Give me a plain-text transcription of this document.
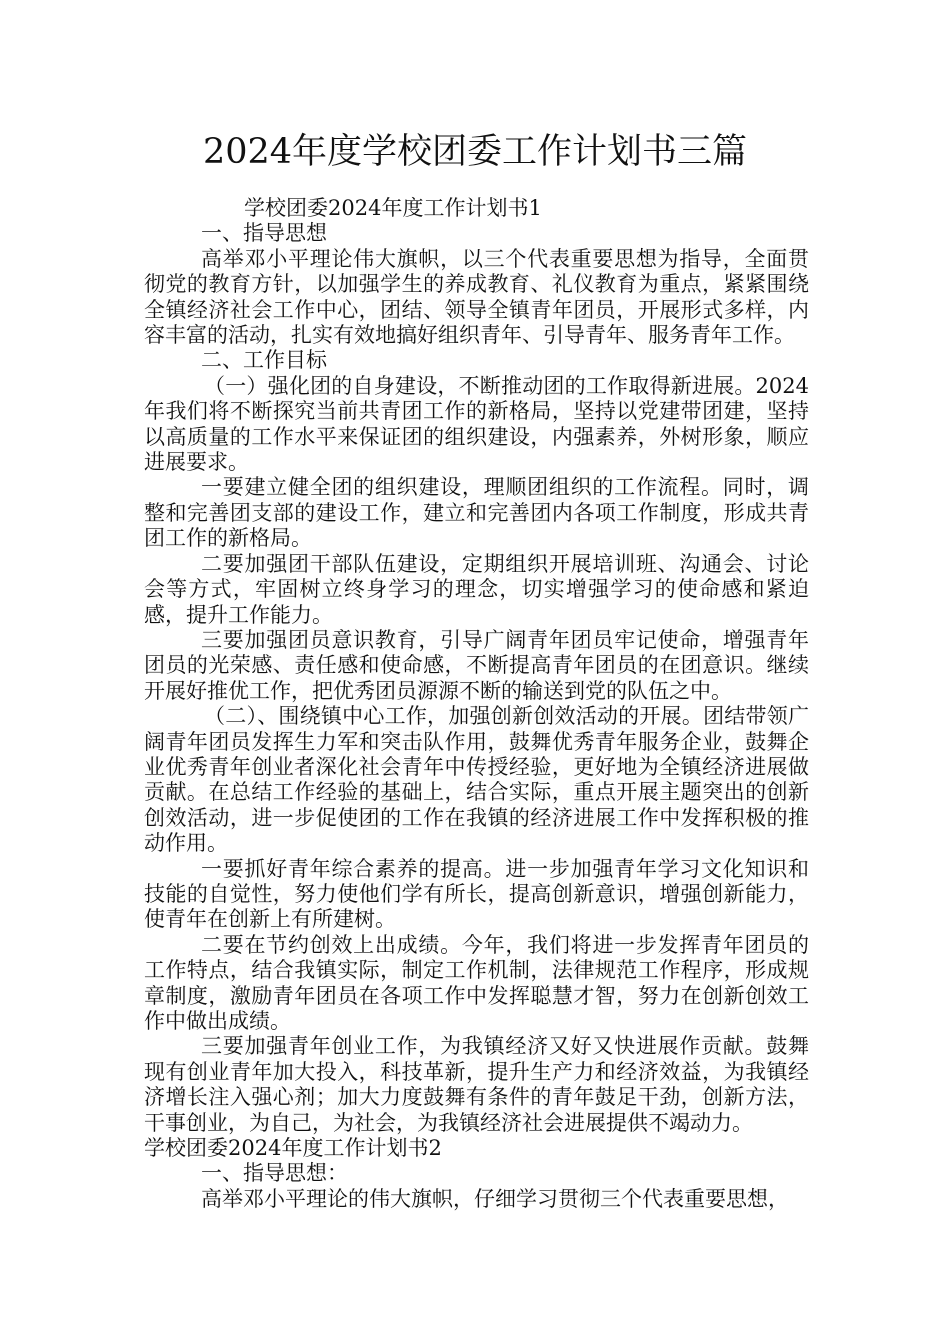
2024年度学校团委工作计划书三篇

学校团委2024年度工作计划书1

一、指导思想

高举邓小平理论伟大旗帜，以三个代表重要思想为指导，全面贯彻党的教育方针，以加强学生的养成教育、礼仪教育为重点，紧紧围绕全镇经济社会工作中心，团结、领导全镇青年团员，开展形式多样，内容丰富的活动，扎实有效地搞好组织青年、引导青年、服务青年工作。

二、工作目标

（一）强化团的自身建设，不断推动团的工作取得新进展。2024年我们将不断探究当前共青团工作的新格局，坚持以党建带团建，坚持以高质量的工作水平来保证团的组织建设，内强素养，外树形象，顺应进展要求。

一要建立健全团的组织建设，理顺团组织的工作流程。同时，调整和完善团支部的建设工作，建立和完善团内各项工作制度，形成共青团工作的新格局。

二要加强团干部队伍建设，定期组织开展培训班、沟通会、讨论会等方式，牢固树立终身学习的理念，切实增强学习的使命感和紧迫感，提升工作能力。

三要加强团员意识教育，引导广阔青年团员牢记使命，增强青年团员的光荣感、责任感和使命感，不断提高青年团员的在团意识。继续开展好推优工作，把优秀团员源源不断的输送到党的队伍之中。

（二）、围绕镇中心工作，加强创新创效活动的开展。团结带领广阔青年团员发挥生力军和突击队作用，鼓舞优秀青年服务企业，鼓舞企业优秀青年创业者深化社会青年中传授经验，更好地为全镇经济进展做贡献。在总结工作经验的基础上，结合实际，重点开展主题突出的创新创效活动，进一步促使团的工作在我镇的经济进展工作中发挥积极的推动作用。

一要抓好青年综合素养的提高。进一步加强青年学习文化知识和技能的自觉性，努力使他们学有所长，提高创新意识，增强创新能力，使青年在创新上有所建树。

二要在节约创效上出成绩。今年，我们将进一步发挥青年团员的工作特点，结合我镇实际，制定工作机制，法律规范工作程序，形成规章制度，激励青年团员在各项工作中发挥聪慧才智，努力在创新创效工作中做出成绩。

三要加强青年创业工作，为我镇经济又好又快进展作贡献。鼓舞现有创业青年加大投入，科技革新，提升生产力和经济效益，为我镇经济增长注入强心剂；加大力度鼓舞有条件的青年鼓足干劲，创新方法，干事创业，为自己，为社会，为我镇经济社会进展提供不竭动力。学校团委2024年度工作计划书2

一、指导思想：

高举邓小平理论的伟大旗帜，仔细学习贯彻三个代表重要思想，
